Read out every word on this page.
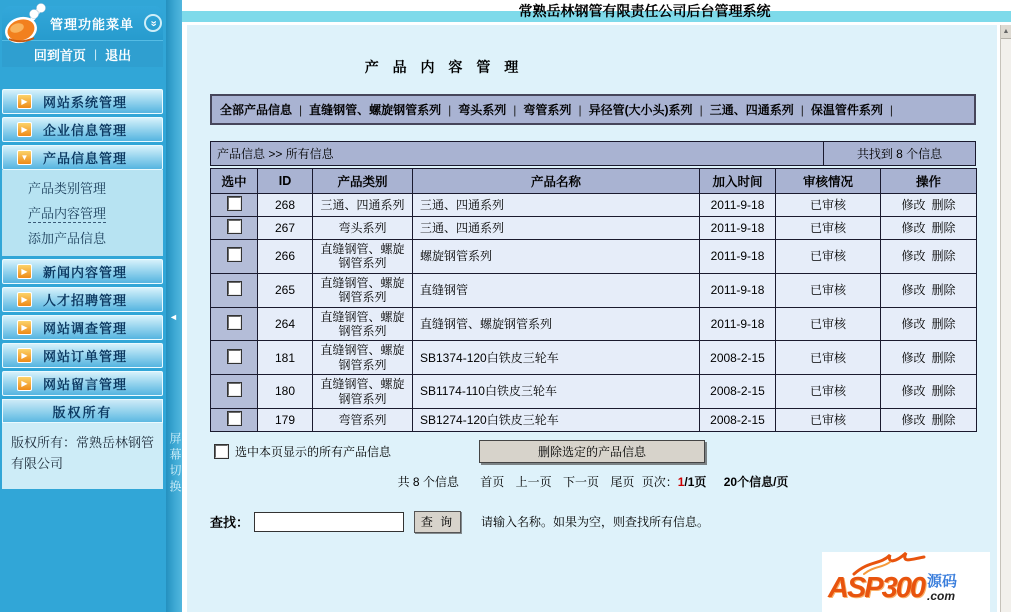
管理功能菜单 »
回到首页 | 退出
▶	网站系统管理
▶	企业信息管理
▼ 产品信息管理
产品类别管理
产品内容管理
添加产品信息
▶	新闻内容管理
▶	人才招聘管理
▶	网站调查管理
▶	网站订单管理
▶	网站留言管理
版权所有
版权所有：常熟岳林钢管有限公司
◄
屏幕切换
常熟岳林钢管有限责任公司后台管理系统
产 品 内 容 管 理
全部产品信息 | 直缝钢管、螺旋钢管系列 | 弯头系列 | 弯管系列 | 异径管(大小头)系列 | 三通、四通系列 | 保温管件系列 |
产品信息 >> 所有信息	共找到 8 个信息
选中	ID	产品类别	产品名称	加入时间	审核情况	操作
	268	三通、四通系列	三通、四通系列	2011-9-18	已审核	修改 删除
	267	弯头系列	三通、四通系列	2011-9-18	已审核	修改 删除
	266	直缝钢管、螺旋钢管系列	螺旋钢管系列	2011-9-18	已审核	修改 删除
	265	直缝钢管、螺旋钢管系列	直缝钢管	2011-9-18	已审核	修改 删除
	264	直缝钢管、螺旋钢管系列	直缝钢管、螺旋钢管系列	2011-9-18	已审核	修改 删除
	181	直缝钢管、螺旋钢管系列	SB1374-120白铁皮三轮车	2008-2-15	已审核	修改 删除
	180	直缝钢管、螺旋钢管系列	SB1174-110白铁皮三轮车	2008-2-15	已审核	修改 删除
	179	弯管系列	SB1274-120白铁皮三轮车	2008-2-15	已审核	修改 删除
选中本页显示的所有产品信息	删除选定的产品信息
共 8 个信息 首页 上一页 下一页 尾页 页次：1/1页 20个信息/页
查找：	查 询	请输入名称。如果为空，则查找所有信息。
ASP300 源码
.com
▲
